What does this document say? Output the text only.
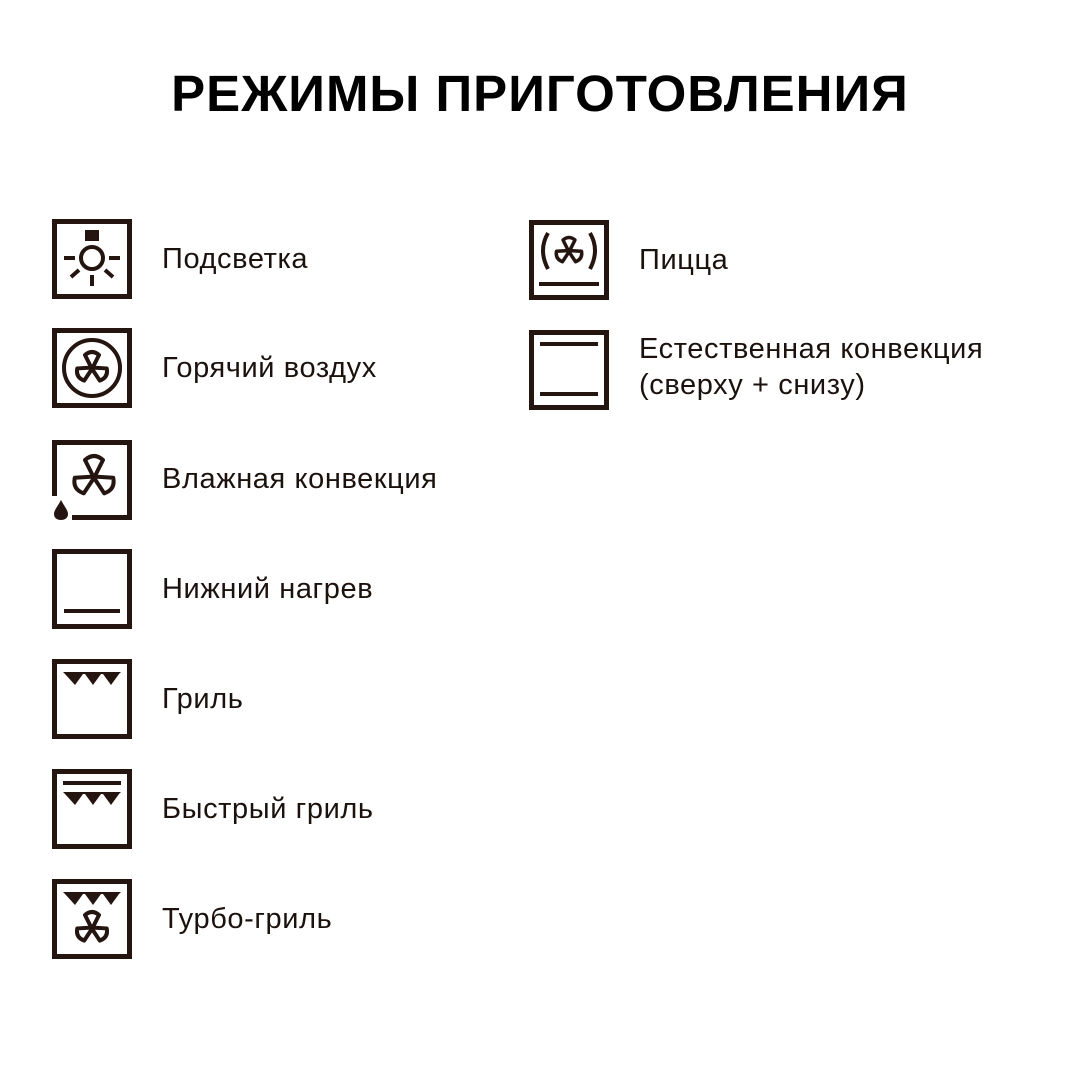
РЕЖИМЫ ПРИГОТОВЛЕНИЯ
Подсветка
Горячий воздух
Влажная конвекция
Нижний нагрев
Гриль
Быстрый гриль
Турбо-гриль
Пицца
Естественная конвекция
(сверху + снизу)
